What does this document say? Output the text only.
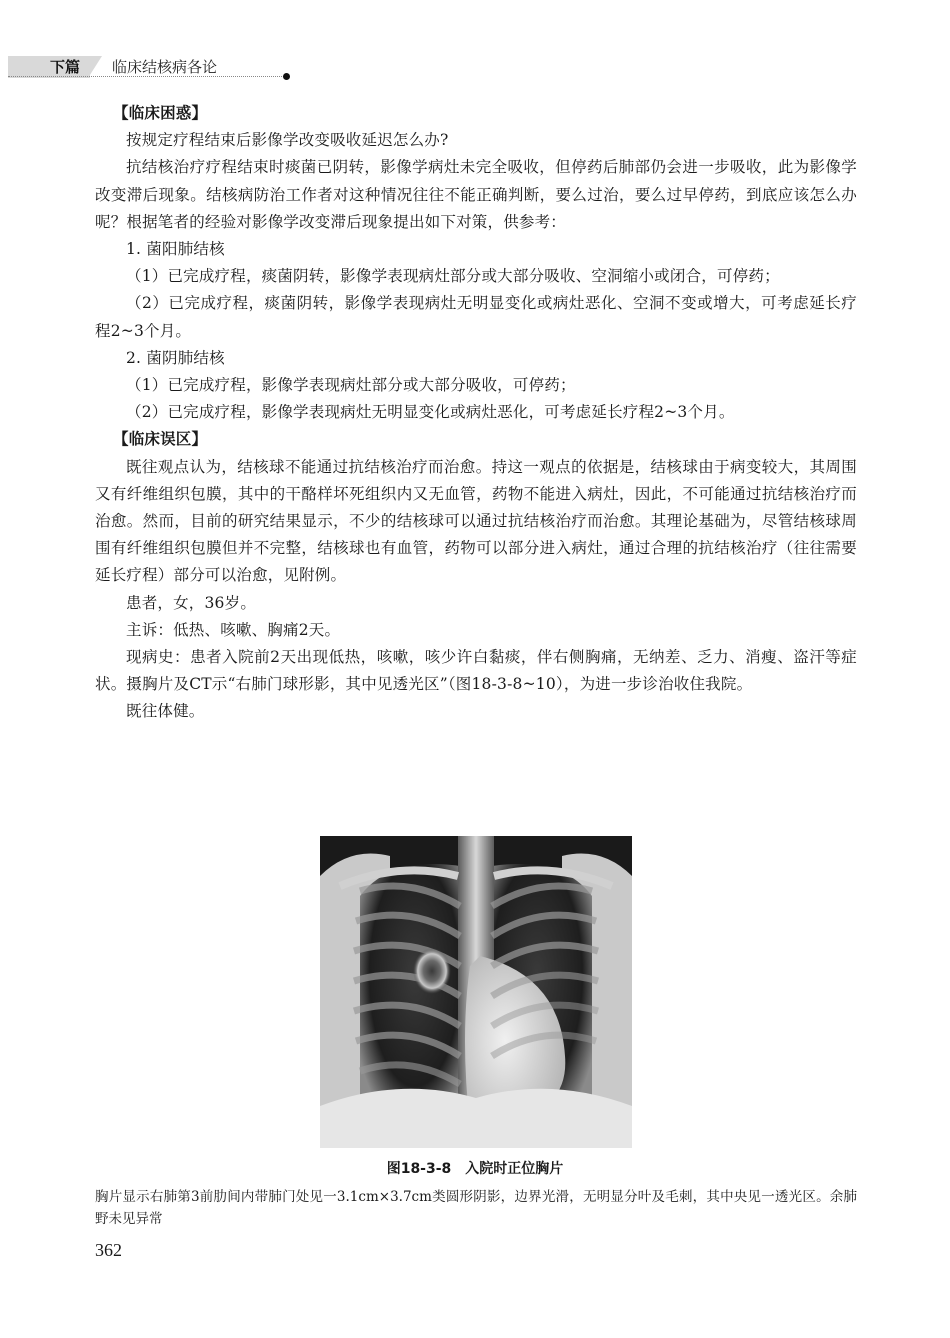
下篇 临床结核病各论

【临床困惑】

按规定疗程结束后影像学改变吸收延迟怎么办?

抗结核治疗疗程结束时痰菌已阴转，影像学病灶未完全吸收，但停药后肺部仍会进一步吸收，此为影像学改变滞后现象。结核病防治工作者对这种情况往往不能正确判断，要么过治，要么过早停药，到底应该怎么办呢？根据笔者的经验对影像学改变滞后现象提出如下对策，供参考：

1. 菌阳肺结核

（1）已完成疗程，痰菌阴转，影像学表现病灶部分或大部分吸收、空洞缩小或闭合，可停药；

（2）已完成疗程，痰菌阴转，影像学表现病灶无明显变化或病灶恶化、空洞不变或增大，可考虑延长疗程2~3个月。

2. 菌阴肺结核

（1）已完成疗程，影像学表现病灶部分或大部分吸收，可停药；

（2）已完成疗程，影像学表现病灶无明显变化或病灶恶化，可考虑延长疗程2~3个月。

【临床误区】

既往观点认为，结核球不能通过抗结核治疗而治愈。持这一观点的依据是，结核球由于病变较大，其周围又有纤维组织包膜，其中的干酪样坏死组织内又无血管，药物不能进入病灶，因此，不可能通过抗结核治疗而治愈。然而，目前的研究结果显示，不少的结核球可以通过抗结核治疗而治愈。其理论基础为，尽管结核球周围有纤维组织包膜但并不完整，结核球也有血管，药物可以部分进入病灶，通过合理的抗结核治疗（往往需要延长疗程）部分可以治愈，见附例。

患者，女，36岁。

主诉：低热、咳嗽、胸痛2天。

现病史：患者入院前2天出现低热，咳嗽，咳少许白黏痰，伴右侧胸痛，无纳差、乏力、消瘦、盗汗等症状。摄胸片及CT示“右肺门球形影，其中见透光区”（图18-3-8~10），为进一步诊治收住我院。

既往体健。

图18-3-8　入院时正位胸片
胸片显示右肺第3前肋间内带肺门处见一3.1cm×3.7cm类圆形阴影，边界光滑，无明显分叶及毛刺，其中央见一透光区。余肺野未见异常
362
